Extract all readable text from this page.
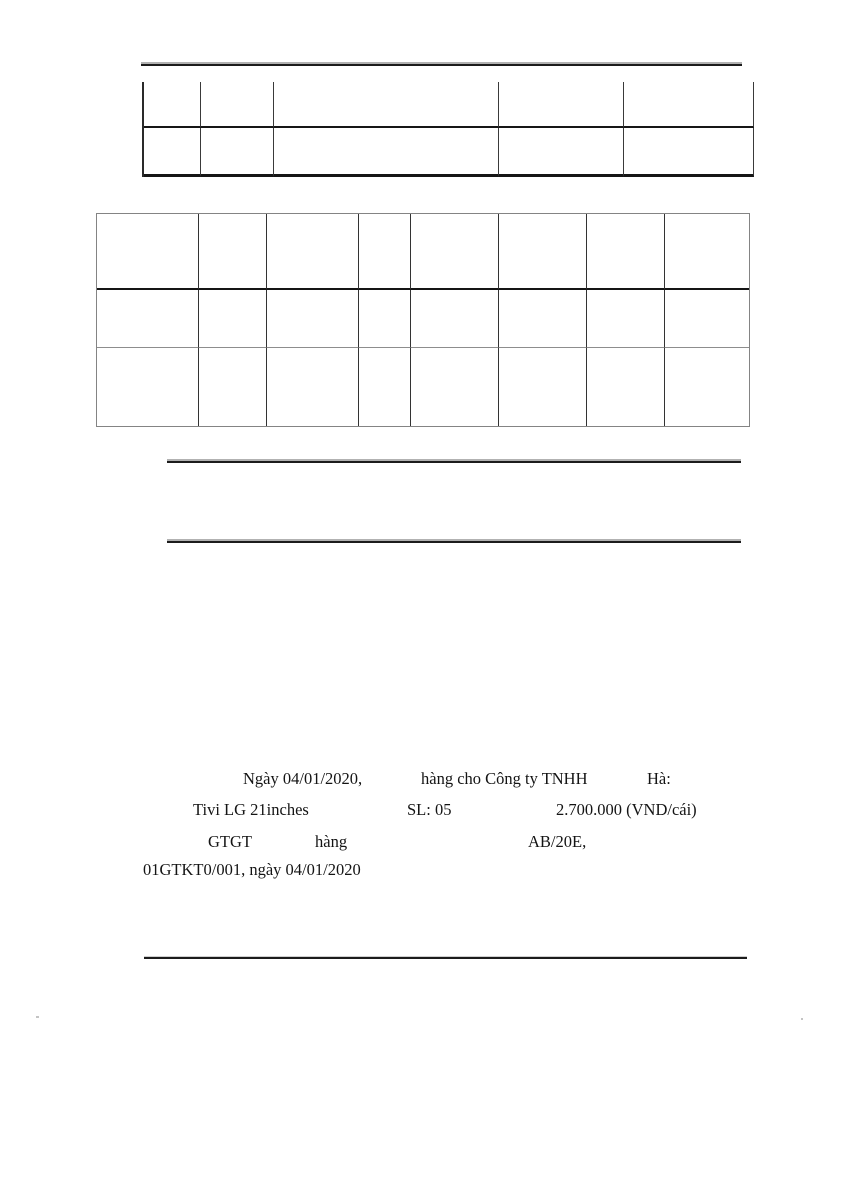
Ngày 04/01/2020,	hàng cho Công ty TNHH	Hà:
Tivi LG 21inches	SL: 05	2.700.000 (VND/cái)
GTGT	hàng	AB/20E,
01GTKT0/001, ngày 04/01/2020
